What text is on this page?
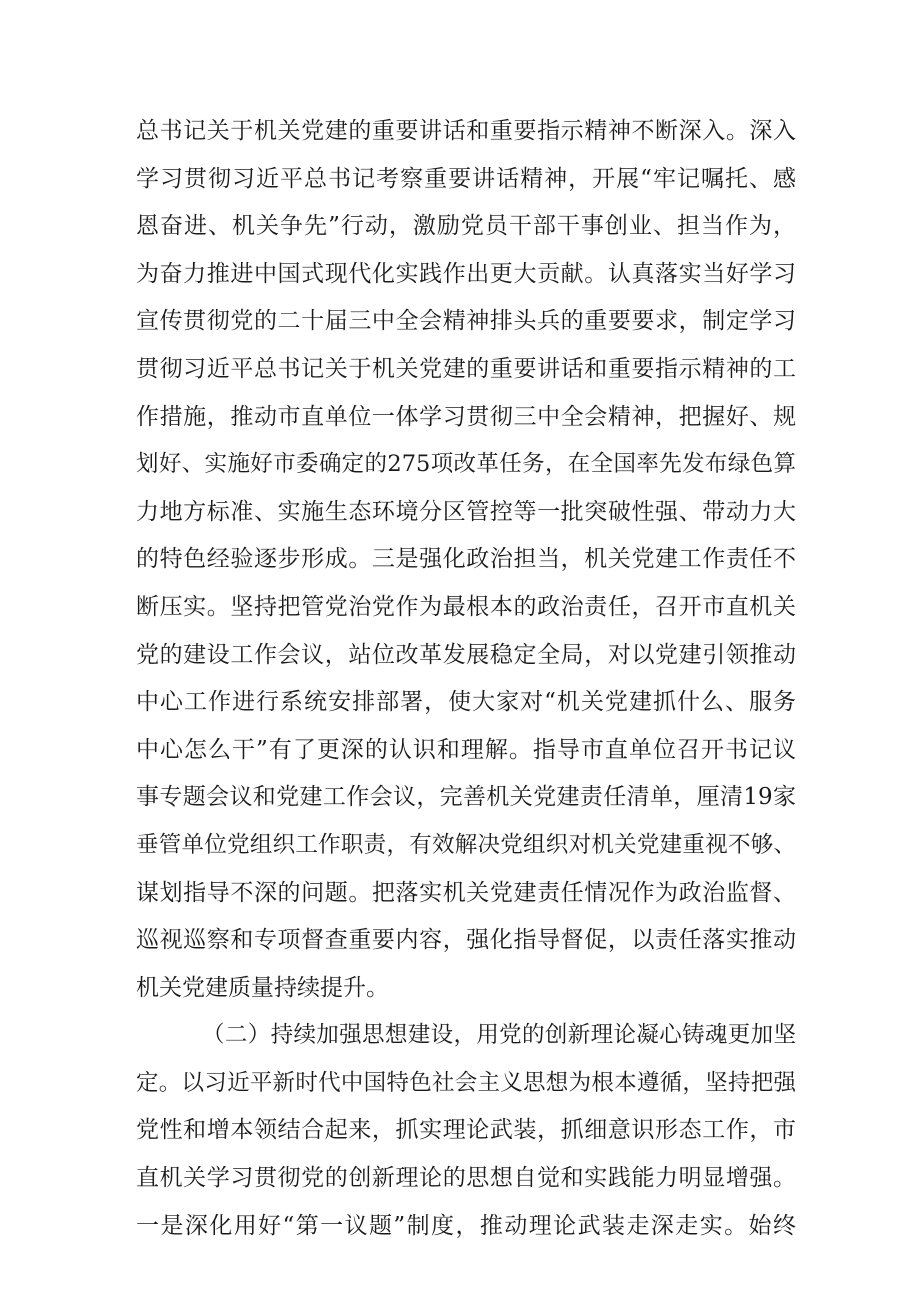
总书记关于机关党建的重要讲话和重要指示精神不断深入。深入
学习贯彻习近平总书记考察重要讲话精神，开展“牢记嘱托、感
恩奋进、机关争先”行动，激励党员干部干事创业、担当作为，
为奋力推进中国式现代化实践作出更大贡献。认真落实当好学习
宣传贯彻党的二十届三中全会精神排头兵的重要要求，制定学习
贯彻习近平总书记关于机关党建的重要讲话和重要指示精神的工
作措施，推动市直单位一体学习贯彻三中全会精神，把握好、规
划好、实施好市委确定的275项改革任务，在全国率先发布绿色算
力地方标准、实施生态环境分区管控等一批突破性强、带动力大
的特色经验逐步形成。三是强化政治担当，机关党建工作责任不
断压实。坚持把管党治党作为最根本的政治责任，召开市直机关
党的建设工作会议，站位改革发展稳定全局，对以党建引领推动
中心工作进行系统安排部署，使大家对“机关党建抓什么、服务
中心怎么干”有了更深的认识和理解。指导市直单位召开书记议
事专题会议和党建工作会议，完善机关党建责任清单，厘清19家
垂管单位党组织工作职责，有效解决党组织对机关党建重视不够、
谋划指导不深的问题。把落实机关党建责任情况作为政治监督、
巡视巡察和专项督查重要内容，强化指导督促，以责任落实推动
机关党建质量持续提升。
（二）持续加强思想建设，用党的创新理论凝心铸魂更加坚
定。以习近平新时代中国特色社会主义思想为根本遵循，坚持把强
党性和增本领结合起来，抓实理论武装，抓细意识形态工作，市
直机关学习贯彻党的创新理论的思想自觉和实践能力明显增强。
一是深化用好“第一议题”制度，推动理论武装走深走实。始终
